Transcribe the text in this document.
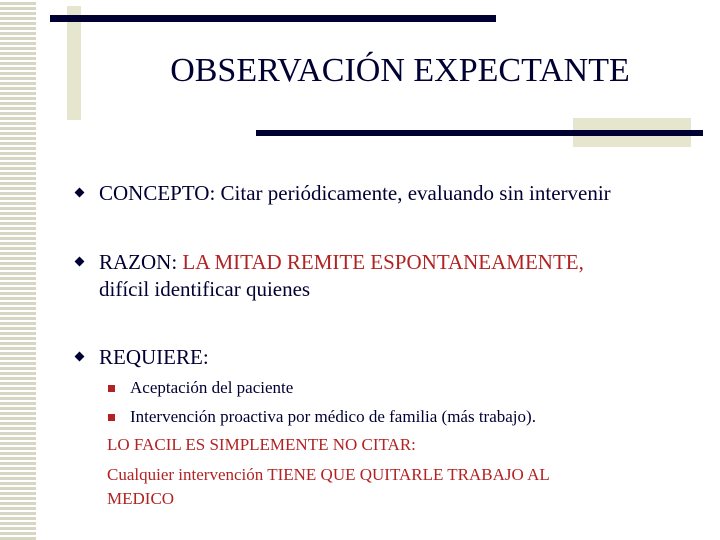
OBSERVACIÓN EXPECTANTE
CONCEPTO: Citar periódicamente, evaluando sin intervenir
RAZON: LA MITAD REMITE ESPONTANEAMENTE,
difícil identificar quienes
REQUIERE:
Aceptación del paciente
Intervención proactiva por médico de familia (más trabajo).
LO FACIL ES SIMPLEMENTE NO CITAR:
Cualquier intervención TIENE QUE QUITARLE TRABAJO AL
MEDICO
